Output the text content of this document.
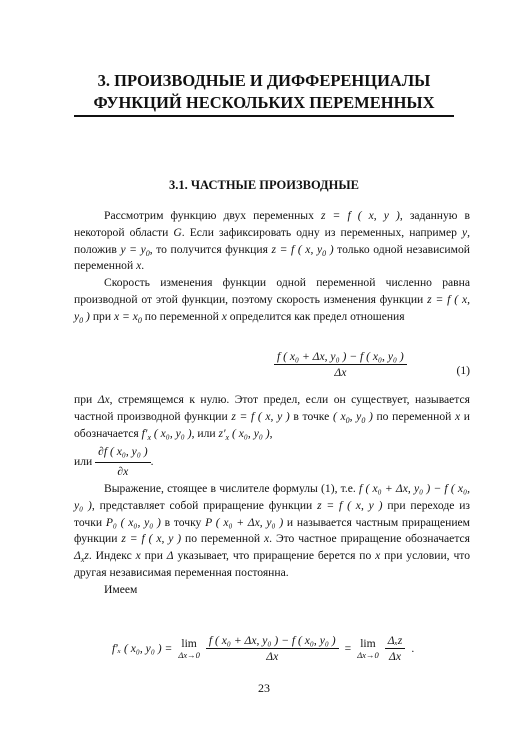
3. ПРОИЗВОДНЫЕ И ДИФФЕРЕНЦИАЛЫ
ФУНКЦИЙ НЕСКОЛЬКИХ ПЕРЕМЕННЫХ
3.1. ЧАСТНЫЕ ПРОИЗВОДНЫЕ

Рассмотрим функцию двух переменных z = f ( x, y ), заданную в некоторой области G. Если зафиксировать одну из переменных, например y, положив $y = y_0$, то получится функция z = f ( x, $y_0$ ) только одной независимой переменной x.

Скорость изменения функции одной переменной численно равна производной от этой функции, поэтому скорость изменения функции z = f ( x, $y_0$ ) при $x = x_0$ по переменной x определится как предел отношения

$\frac{\text{f ( x₀ + Δx, y₀ ) − f ( x₀, y₀ )}}{\Delta x}$	(1)

при Δx, стремящемся к нулю. Этот предел, если он существует, называется частной производной функции z = f ( x, y ) в точке ( $x_0$, $y_0$ ) по переменной x и обозначается $f'_x$ ( x₀, y₀ ), или $z'_x$ ( x₀, y₀ ),

или $\frac{\text{∂f ( x₀, y₀ )}}{\partial x}$ .

Выражение, стоящее в числителе формулы (1), т.е. f ( x₀ + Δx, y₀ ) − f ( x₀, y₀ ), представляет собой приращение функции z = f ( x, y ) при переходе из точки P₀ ( x₀, y₀ ) в точку P ( x₀ + Δx, y₀ ) и называется частным приращением функции z = f ( x, y ) по переменной x. Это частное приращение обозначается $\Delta_xz$. Индекс x при Δ указывает, что приращение берется по x при условии, что другая независимая переменная постоянна.

Имеем

f′ₓ ( x₀, y₀ ) = lim
$\Delta x\to 0 \frac{\text{f ( x₀ + Δx, y₀ ) − f ( x₀, y₀ )}}{\Delta x} = \lim$
$\Delta x\to 0 \frac{\text{Δₓz}}{\Delta x}$ .
23
